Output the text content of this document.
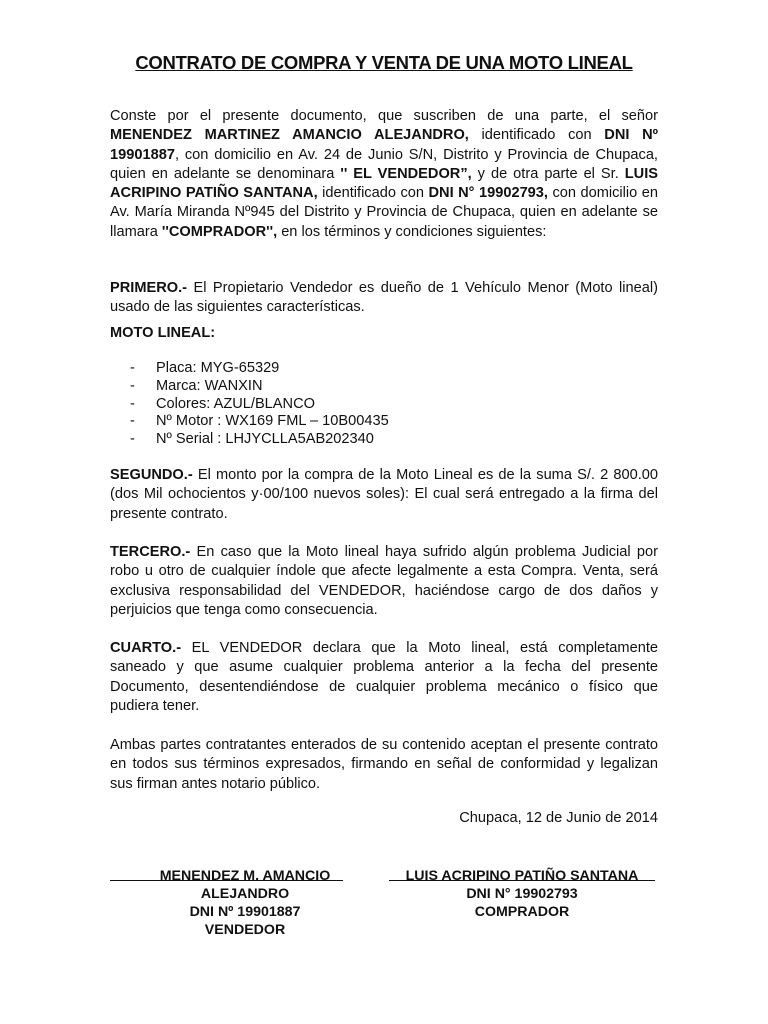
CONTRATO DE COMPRA Y VENTA DE UNA MOTO LINEAL
Conste por el presente documento, que suscriben de una parte, el señor MENENDEZ MARTINEZ AMANCIO ALEJANDRO, identificado con DNI Nº 19901887, con domicilio en Av. 24 de Junio S/N, Distrito y Provincia de Chupaca, quien en adelante se denominara '' EL VENDEDOR”, y de otra parte el Sr. LUIS ACRIPINO PATIÑO SANTANA, identificado con DNI N° 19902793, con domicilio en Av. María Miranda Nº945 del Distrito y Provincia de Chupaca, quien en adelante se llamara ''COMPRADOR'', en los términos y condiciones siguientes:
PRIMERO.- El Propietario Vendedor es dueño de 1 Vehículo Menor (Moto lineal) usado de las siguientes características.
MOTO LINEAL:
- Placa: MYG-65329
- Marca: WANXIN
- Colores: AZUL/BLANCO
- Nº Motor : WX169 FML – 10B00435
- Nº Serial : LHJYCLLA5AB202340
SEGUNDO.- El monto por la compra de la Moto Lineal es de la suma S/. 2 800.00 (dos Mil ochocientos y·00/100 nuevos soles): El cual será entregado a la firma del presente contrato.
TERCERO.- En caso que la Moto lineal haya sufrido algún problema Judicial por robo u otro de cualquier índole que afecte legalmente a esta Compra. Venta, será exclusiva responsabilidad del VENDEDOR, haciéndose cargo de dos daños y perjuicios que tenga como consecuencia.
CUARTO.- EL VENDEDOR declara que la Moto lineal, está completamente saneado y que asume cualquier problema anterior a la fecha del presente Documento, desentendiéndose de cualquier problema mecánico o físico que pudiera tener.
Ambas partes contratantes enterados de su contenido aceptan el presente contrato en todos sus términos expresados, firmando en señal de conformidad y legalizan sus firman antes notario público.
Chupaca, 12 de Junio de 2014
MENENDEZ M. AMANCIO
ALEJANDRO
DNI Nº 19901887
VENDEDOR
LUIS ACRIPINO PATIÑO SANTANA
DNI N° 19902793
COMPRADOR
